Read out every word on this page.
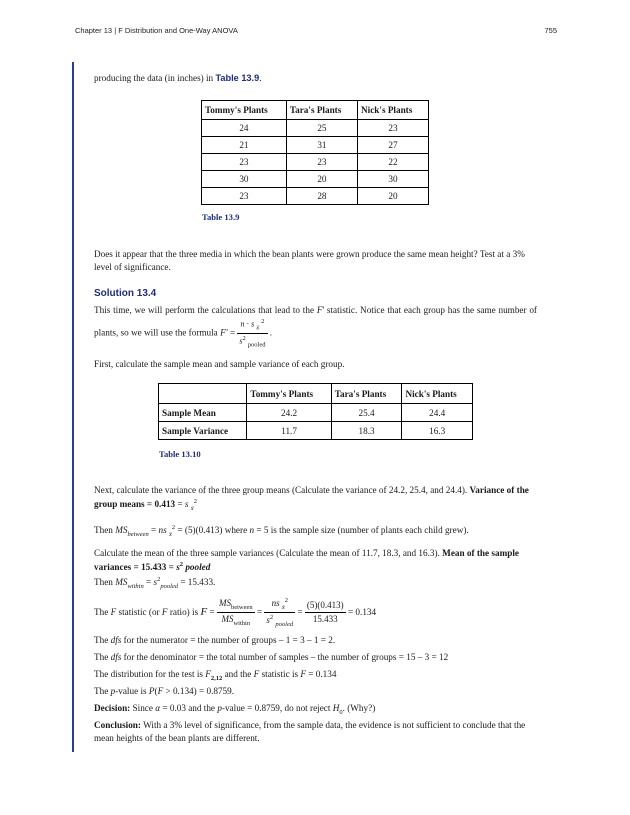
Chapter 13 | F Distribution and One-Way ANOVA	755

producing the data (in inches) in Table 13.9.

Tommy's Plants	Tara's Plants	Nick's Plants
24	25	23
21	31	27
23	23	22
30	20	30
23	28	20
Table 13.9

Does it appear that the three media in which the bean plants were grown produce the same mean height? Test at a 3% level of significance.

Solution 13.4

This time, we will perform the calculations that lead to the F' statistic. Notice that each group has the same number of plants, so we will use the formula $F' = \frac{n \cdot s _{x̄} ^2}{s^2 _{pooled}}$ .

First, calculate the sample mean and sample variance of each group.

	Tommy's Plants	Tara's Plants	Nick's Plants
Sample Mean	24.2	25.4	24.4
Sample Variance	11.7	18.3	16.3
Table 13.10

Next, calculate the variance of the three group means (Calculate the variance of 24.2, 25.4, and 24.4). Variance of the group means = 0.413 = s $_{x̄}^2$

Then $MS_{between}$ = ns $_{x̄}^2$ = (5)(0.413) where n = 5 is the sample size (number of plants each child grew).

Calculate the mean of the three sample variances (Calculate the mean of 11.7, 18.3, and 16.3). Mean of the sample variances = $15.433 = s^2$ pooled

Then $MS_{within} = s^2_{pooled} = 15.433$.

The F statistic (or F ratio) is $F = \frac{MS_{between}}{MS_{within}} = \frac{ns _{x̄}^2}{s^2 _{pooled}} = \frac{(5)(0.413)}{15.433} = 0.134$

The dfs for the numerator = the number of groups – 1 = 3 – 1 = 2.

The dfs for the denominator = the total number of samples – the number of groups = 15 – 3 = 12

The distribution for the test is $F_{2,12}$ and the F statistic is F = 0.134

The p-value is P(F > 0.134) = 0.8759.

Decision: Since α = 0.03 and the p-value = 0.8759, do not reject $H_0$. (Why?)

Conclusion: With a 3% level of significance, from the sample data, the evidence is not sufficient to conclude that the mean heights of the bean plants are different.
